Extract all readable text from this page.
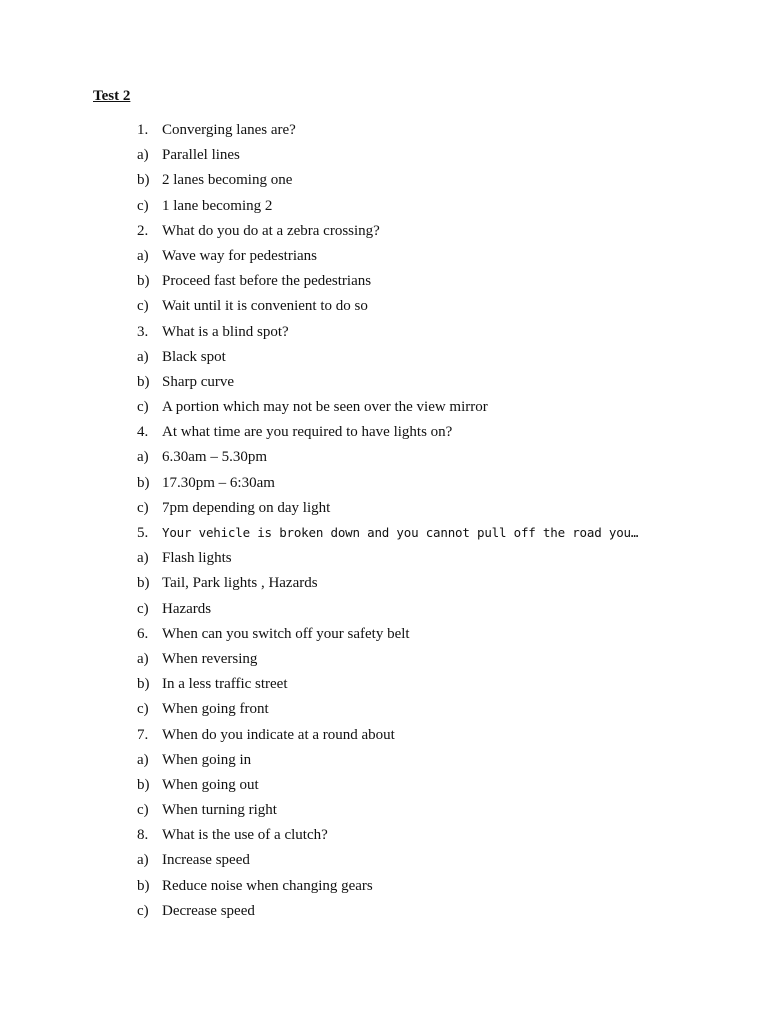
Test 2
1. Converging lanes are?
a) Parallel lines
b) 2 lanes becoming one
c) 1 lane becoming 2
2. What do you do at a zebra crossing?
a) Wave way for pedestrians
b) Proceed fast before the pedestrians
c) Wait until it is convenient to do so
3. What is a blind spot?
a) Black spot
b) Sharp curve
c) A portion which may not be seen over the view mirror
4. At what time are you required to have lights on?
a) 6.30am – 5.30pm
b) 17.30pm – 6:30am
c) 7pm depending on day light
5.	Your vehicle is broken down and you cannot pull off the road you…
a) Flash lights
b) Tail, Park lights , Hazards
c) Hazards
6. When can you switch off your safety belt
a) When reversing
b) In a less traffic street
c) When going front
7. When do you indicate at a round about
a) When going in
b) When going out
c) When turning right
8. What is the use of a clutch?
a) Increase speed
b) Reduce noise when changing gears
c) Decrease speed
